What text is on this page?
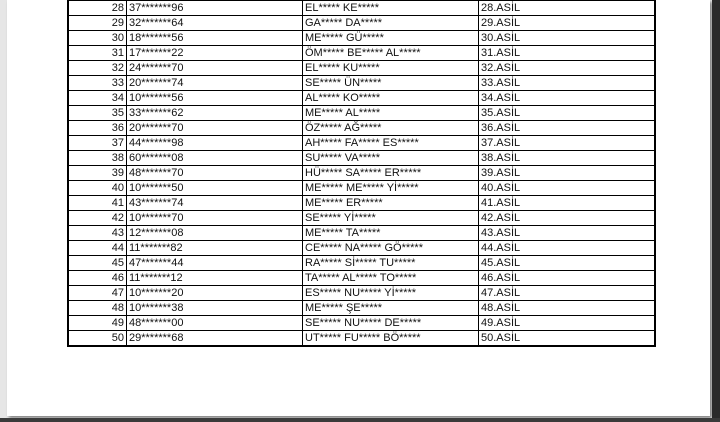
28	37*******96	EL***** KE*****	28.ASİL
29	32*******64	GA***** DA*****	29.ASİL
30	18*******56	ME***** GÜ*****	30.ASİL
31	17*******22	ÖM***** BE***** AL*****	31.ASİL
32	24*******70	EL***** KU*****	32.ASİL
33	20*******74	SE***** ÜN*****	33.ASİL
34	10*******56	AL***** KO*****	34.ASİL
35	33*******62	ME***** AL*****	35.ASİL
36	20*******70	ÖZ***** AĞ*****	36.ASİL
37	44*******98	AH***** FA***** ES*****	37.ASİL
38	60*******08	SU***** VA*****	38.ASİL
39	48*******70	HÜ***** SA***** ER*****	39.ASİL
40	10*******50	ME***** ME***** Yİ*****	40.ASİL
41	43*******74	ME***** ER*****	41.ASİL
42	10*******70	SE***** Yİ*****	42.ASİL
43	12*******08	ME***** TA*****	43.ASİL
44	11*******82	CE***** NA***** GÖ*****	44.ASİL
45	47*******44	RA***** Sİ***** TU*****	45.ASİL
46	11*******12	TA***** AL***** TO*****	46.ASİL
47	10*******20	ES***** NU***** Yİ*****	47.ASİL
48	10*******38	ME***** ŞE*****	48.ASİL
49	48*******00	SE***** NU***** DE*****	49.ASİL
50	29*******68	UT***** FU***** BÖ*****	50.ASİL
